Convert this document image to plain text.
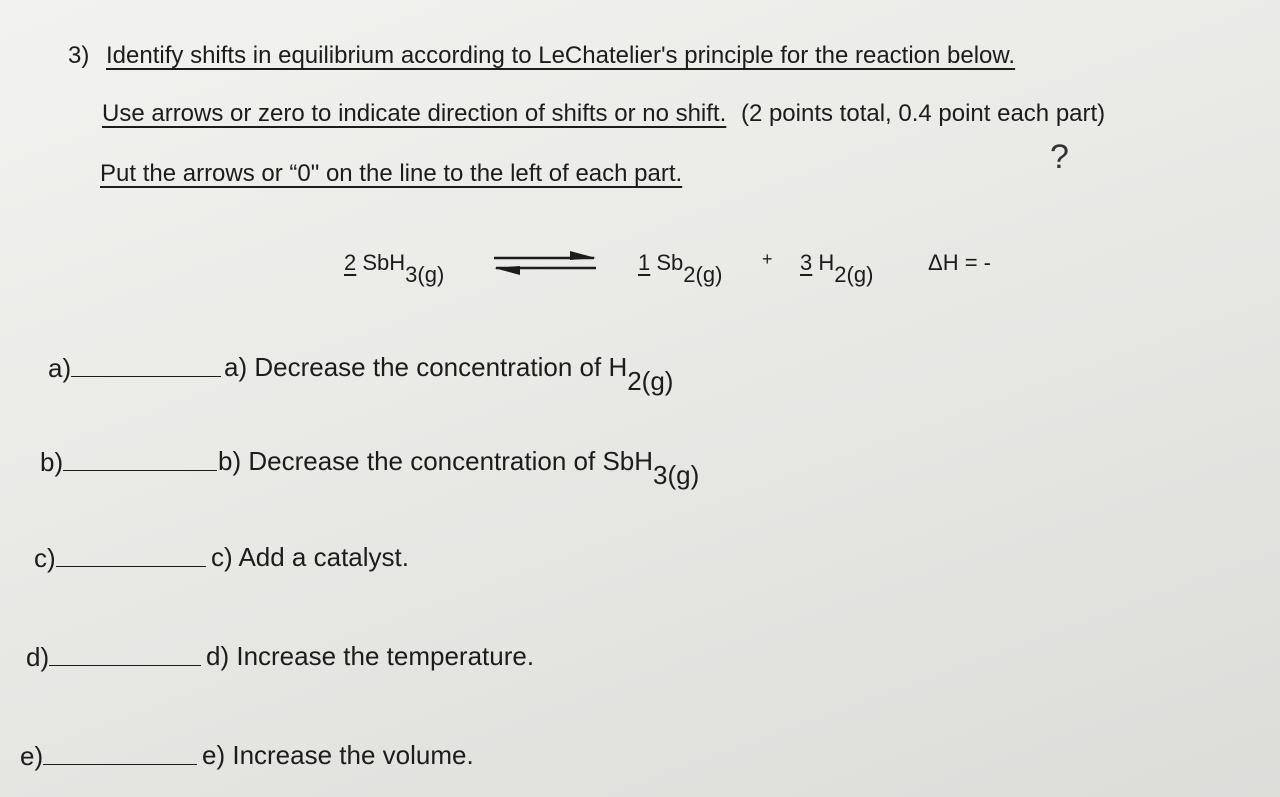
3) Identify shifts in equilibrium according to LeChatelier's principle for the reaction below.
Use arrows or zero to indicate direction of shifts or no shift. (2 points total, 0.4 point each part)
Put the arrows or “0" on the line to the left of each part.	?
2 SbH$_{3(g)}$	1 $Sb_{2(g)}$
+ 3 $H_{2(g)}$ ΔH = -
a)	a) Decrease the concentration of $H_{2(g)}$
b)	b) Decrease the concentration of SbH$_{3(g)}$
c)	c) Add a catalyst.
d)	d) Increase the temperature.
e)	e) Increase the volume.
